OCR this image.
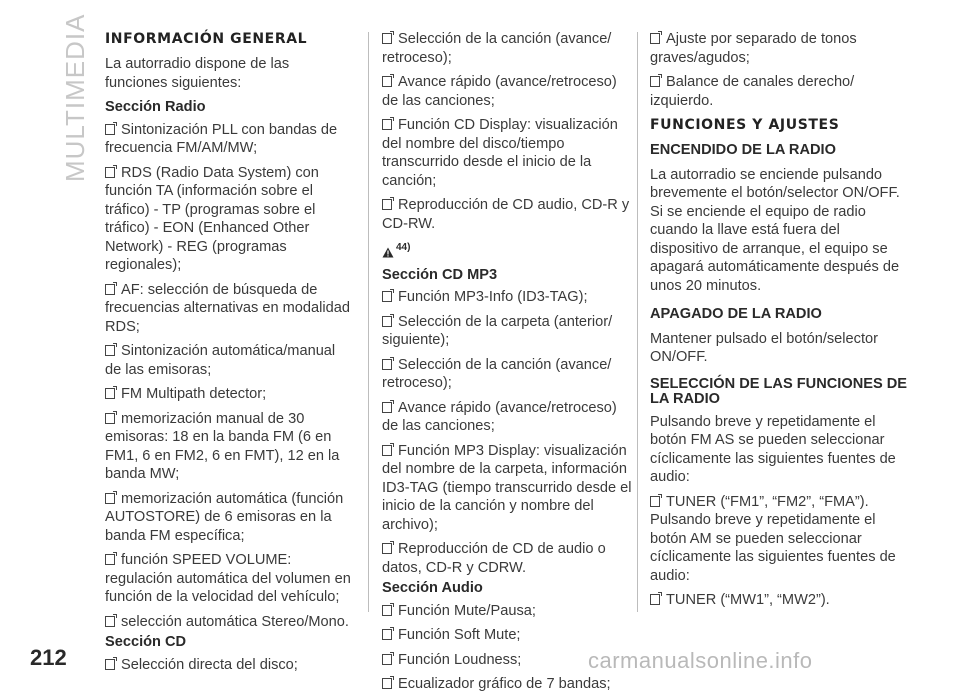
MULTIMEDIA INFORMACIÓN GENERAL

La autorradio dispone de las funciones siguientes:

Sección Radio
Sintonización PLL con bandas de frecuencia FM/AM/MW;
RDS (Radio Data System) con función TA (información sobre el tráfico) - TP (programas sobre el tráfico) - EON (Enhanced Other Network) - REG (programas regionales);
AF: selección de búsqueda de frecuencias alternativas en modalidad RDS;
Sintonización automática/manual de las emisoras;
FM Multipath detector;
memorización manual de 30 emisoras: 18 en la banda FM (6 en FM1, 6 en FM2, 6 en FMT), 12 en la banda MW;
memorización automática (función AUTOSTORE) de 6 emisoras en la banda FM específica;
función SPEED VOLUME: regulación automática del volumen en función de la velocidad del vehículo;
selección automática Stereo/Mono.
Sección CD
Selección directa del disco;
Selección de la canción (avance/ retroceso);
Avance rápido (avance/retroceso) de las canciones;
Función CD Display: visualización del nombre del disco/tiempo transcurrido desde el inicio de la canción;
Reproducción de CD audio, CD-R y CD-RW.
44)
Sección CD MP3
Función MP3-Info (ID3-TAG);
Selección de la carpeta (anterior/ siguiente);
Selección de la canción (avance/ retroceso);
Avance rápido (avance/retroceso) de las canciones;
Función MP3 Display: visualización del nombre de la carpeta, información ID3-TAG (tiempo transcurrido desde el inicio de la canción y nombre del archivo);
Reproducción de CD de audio o datos, CD-R y CDRW.
Sección Audio
Función Mute/Pausa;
Función Soft Mute;
Función Loudness;
Ecualizador gráfico de 7 bandas;
Ajuste por separado de tonos graves/agudos;
Balance de canales derecho/ izquierdo.
FUNCIONES Y AJUSTES
ENCENDIDO DE LA RADIO

La autorradio se enciende pulsando brevemente el botón/selector ON/OFF. Si se enciende el equipo de radio cuando la llave está fuera del dispositivo de arranque, el equipo se apagará automáticamente después de unos 20 minutos.

APAGADO DE LA RADIO

Mantener pulsado el botón/selector ON/OFF.

SELECCIÓN DE LAS FUNCIONES DE LA RADIO

Pulsando breve y repetidamente el botón FM AS se pueden seleccionar cíclicamente las siguientes fuentes de audio:

TUNER (“FM1”, “FM2”, “FMA”).

Pulsando breve y repetidamente el botón AM se pueden seleccionar cíclicamente las siguientes fuentes de audio:

TUNER (“MW1”, “MW2”).
212	carmanualsonline.info
